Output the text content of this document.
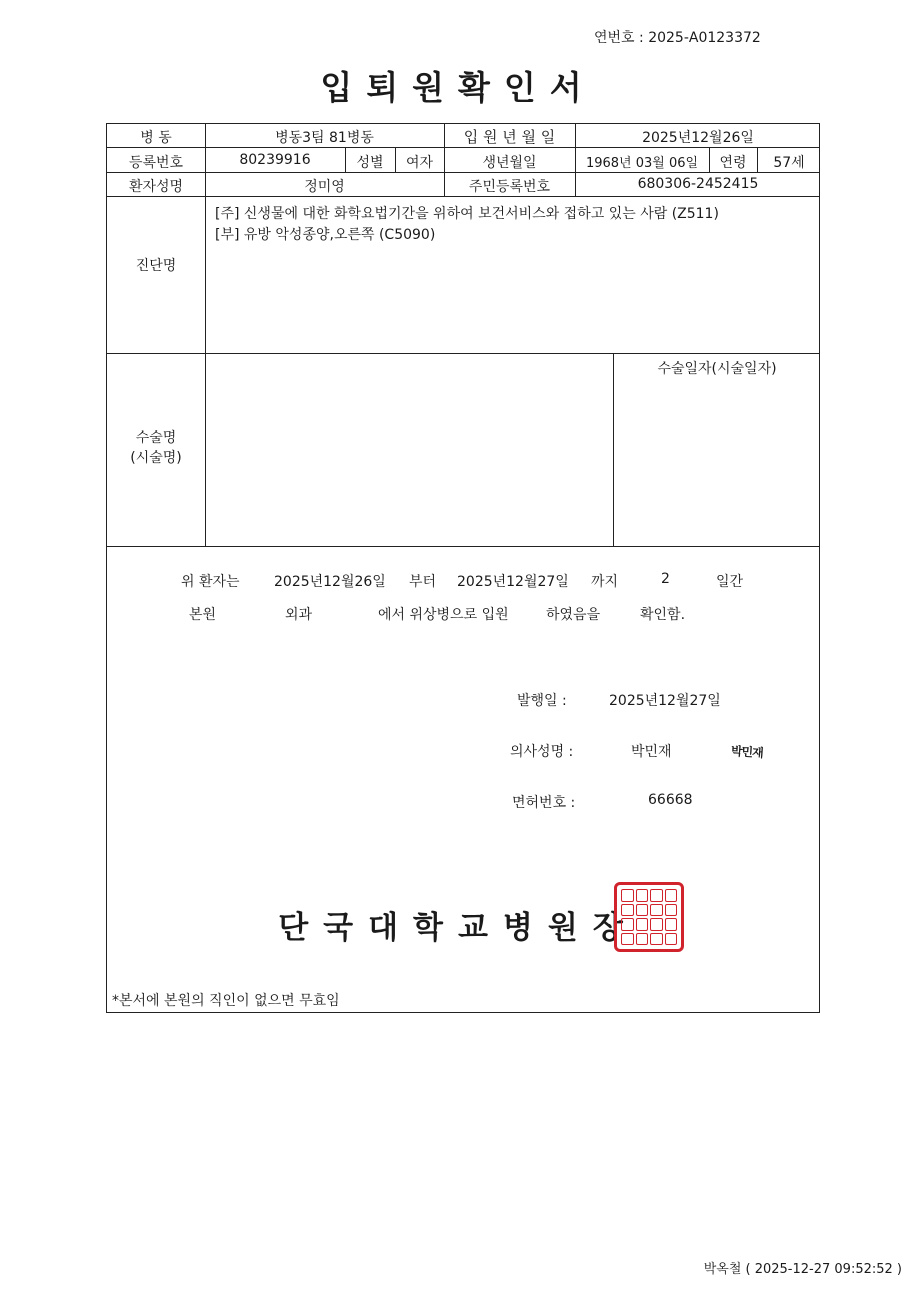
연번호 : 2025-A0123372
입퇴원확인서
병 동	병동3팀 81병동	입 원 년 월 일	2025년12월26일
등록번호	80239916	성별	여자	생년월일	1968년 03월 06일	연령	57세
환자성명	정미영	주민등록번호	680306-2452415
진단명
[주] 신생물에 대한 화학요법기간을 위하여 보건서비스와 접하고 있는 사람 (Z511)
[부] 유방 악성종양,오른쪽 (C5090)
수술명
(시술명)
수술일자(시술일자)
위 환자는 2025년12월26일 부터 2025년12월27일 까지	2	일간
본원	외과	에서 위상병으로 입원	하였음을	확인함.
발행일 :	2025년12월27일
의사성명 :	박민재	박민재
면허번호 :	66668
단국대학교병원장
*본서에 본원의 직인이 없으면 무효임
박옥철 ( 2025-12-27 09:52:52 )
